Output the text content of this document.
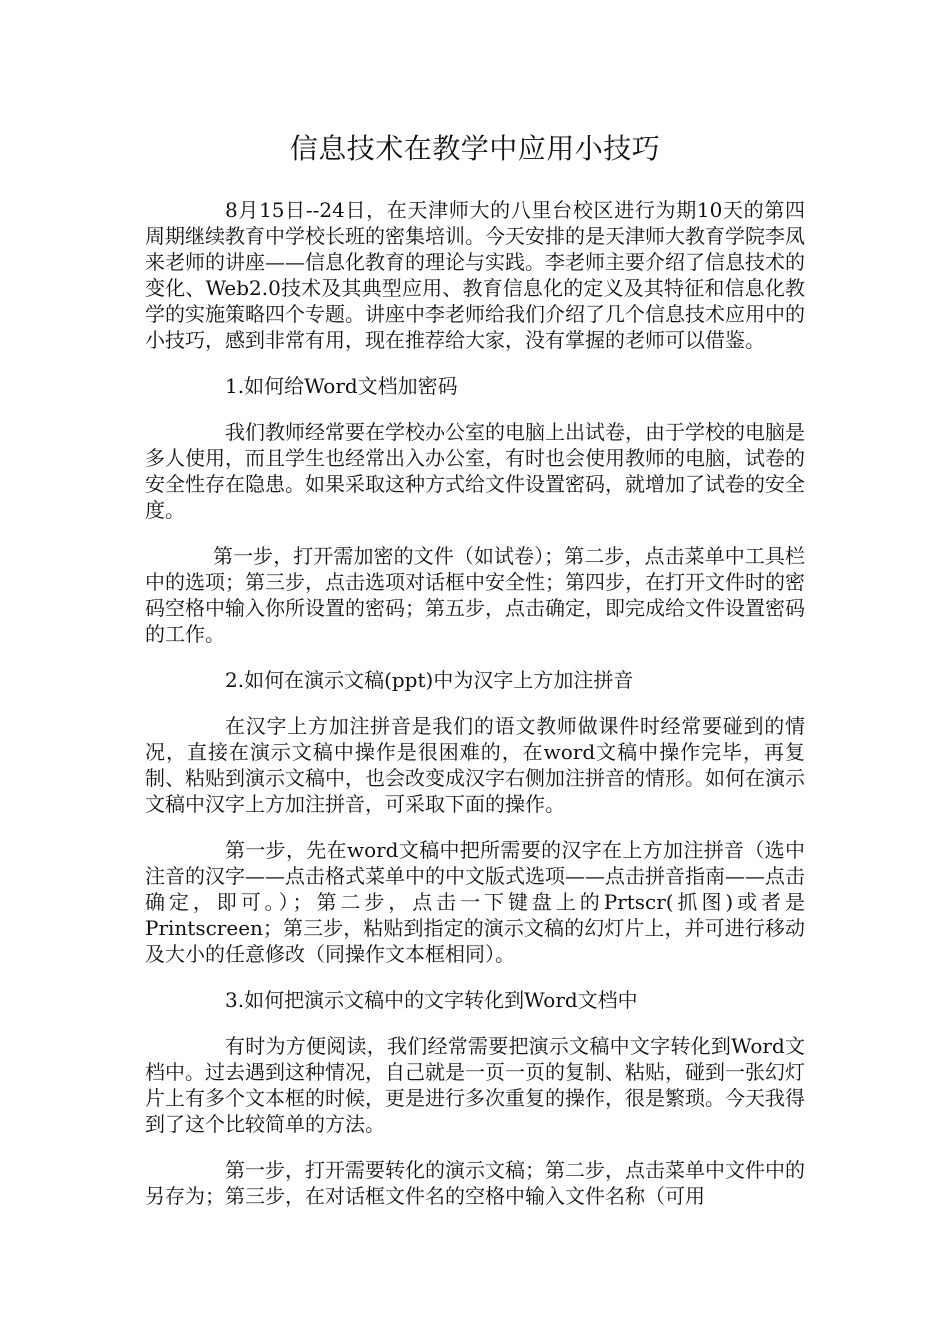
信息技术在教学中应用小技巧

8月15日--24日，在天津师大的八里台校区进行为期10天的第四周期继续教育中学校长班的密集培训。今天安排的是天津师大教育学院李凤来老师的讲座——信息化教育的理论与实践。李老师主要介绍了信息技术的变化、Web2.0技术及其典型应用、教育信息化的定义及其特征和信息化教学的实施策略四个专题。讲座中李老师给我们介绍了几个信息技术应用中的小技巧，感到非常有用，现在推荐给大家，没有掌握的老师可以借鉴。

1.如何给Word文档加密码

我们教师经常要在学校办公室的电脑上出试卷，由于学校的电脑是多人使用，而且学生也经常出入办公室，有时也会使用教师的电脑，试卷的安全性存在隐患。如果采取这种方式给文件设置密码，就增加了试卷的安全度。

第一步，打开需加密的文件（如试卷）；第二步，点击菜单中工具栏中的选项；第三步，点击选项对话框中安全性；第四步，在打开文件时的密码空格中输入你所设置的密码；第五步，点击确定，即完成给文件设置密码的工作。

2.如何在演示文稿(ppt)中为汉字上方加注拼音

在汉字上方加注拼音是我们的语文教师做课件时经常要碰到的情况，直接在演示文稿中操作是很困难的，在word文稿中操作完毕，再复制、粘贴到演示文稿中，也会改变成汉字右侧加注拼音的情形。如何在演示文稿中汉字上方加注拼音，可采取下面的操作。

第一步，先在word文稿中把所需要的汉字在上方加注拼音（选中注音的汉字——点击格式菜单中的中文版式选项——点击拼音指南——点击确定，即可。）；第二步，点击一下键盘上的Prtscr(抓图)或者是Printscreen；第三步，粘贴到指定的演示文稿的幻灯片上，并可进行移动及大小的任意修改（同操作文本框相同）。

3.如何把演示文稿中的文字转化到Word文档中

有时为方便阅读，我们经常需要把演示文稿中文字转化到Word文档中。过去遇到这种情况，自己就是一页一页的复制、粘贴，碰到一张幻灯片上有多个文本框的时候，更是进行多次重复的操作，很是繁琐。今天我得到了这个比较简单的方法。

第一步，打开需要转化的演示文稿；第二步，点击菜单中文件中的另存为；第三步，在对话框文件名的空格中输入文件名称（可用
